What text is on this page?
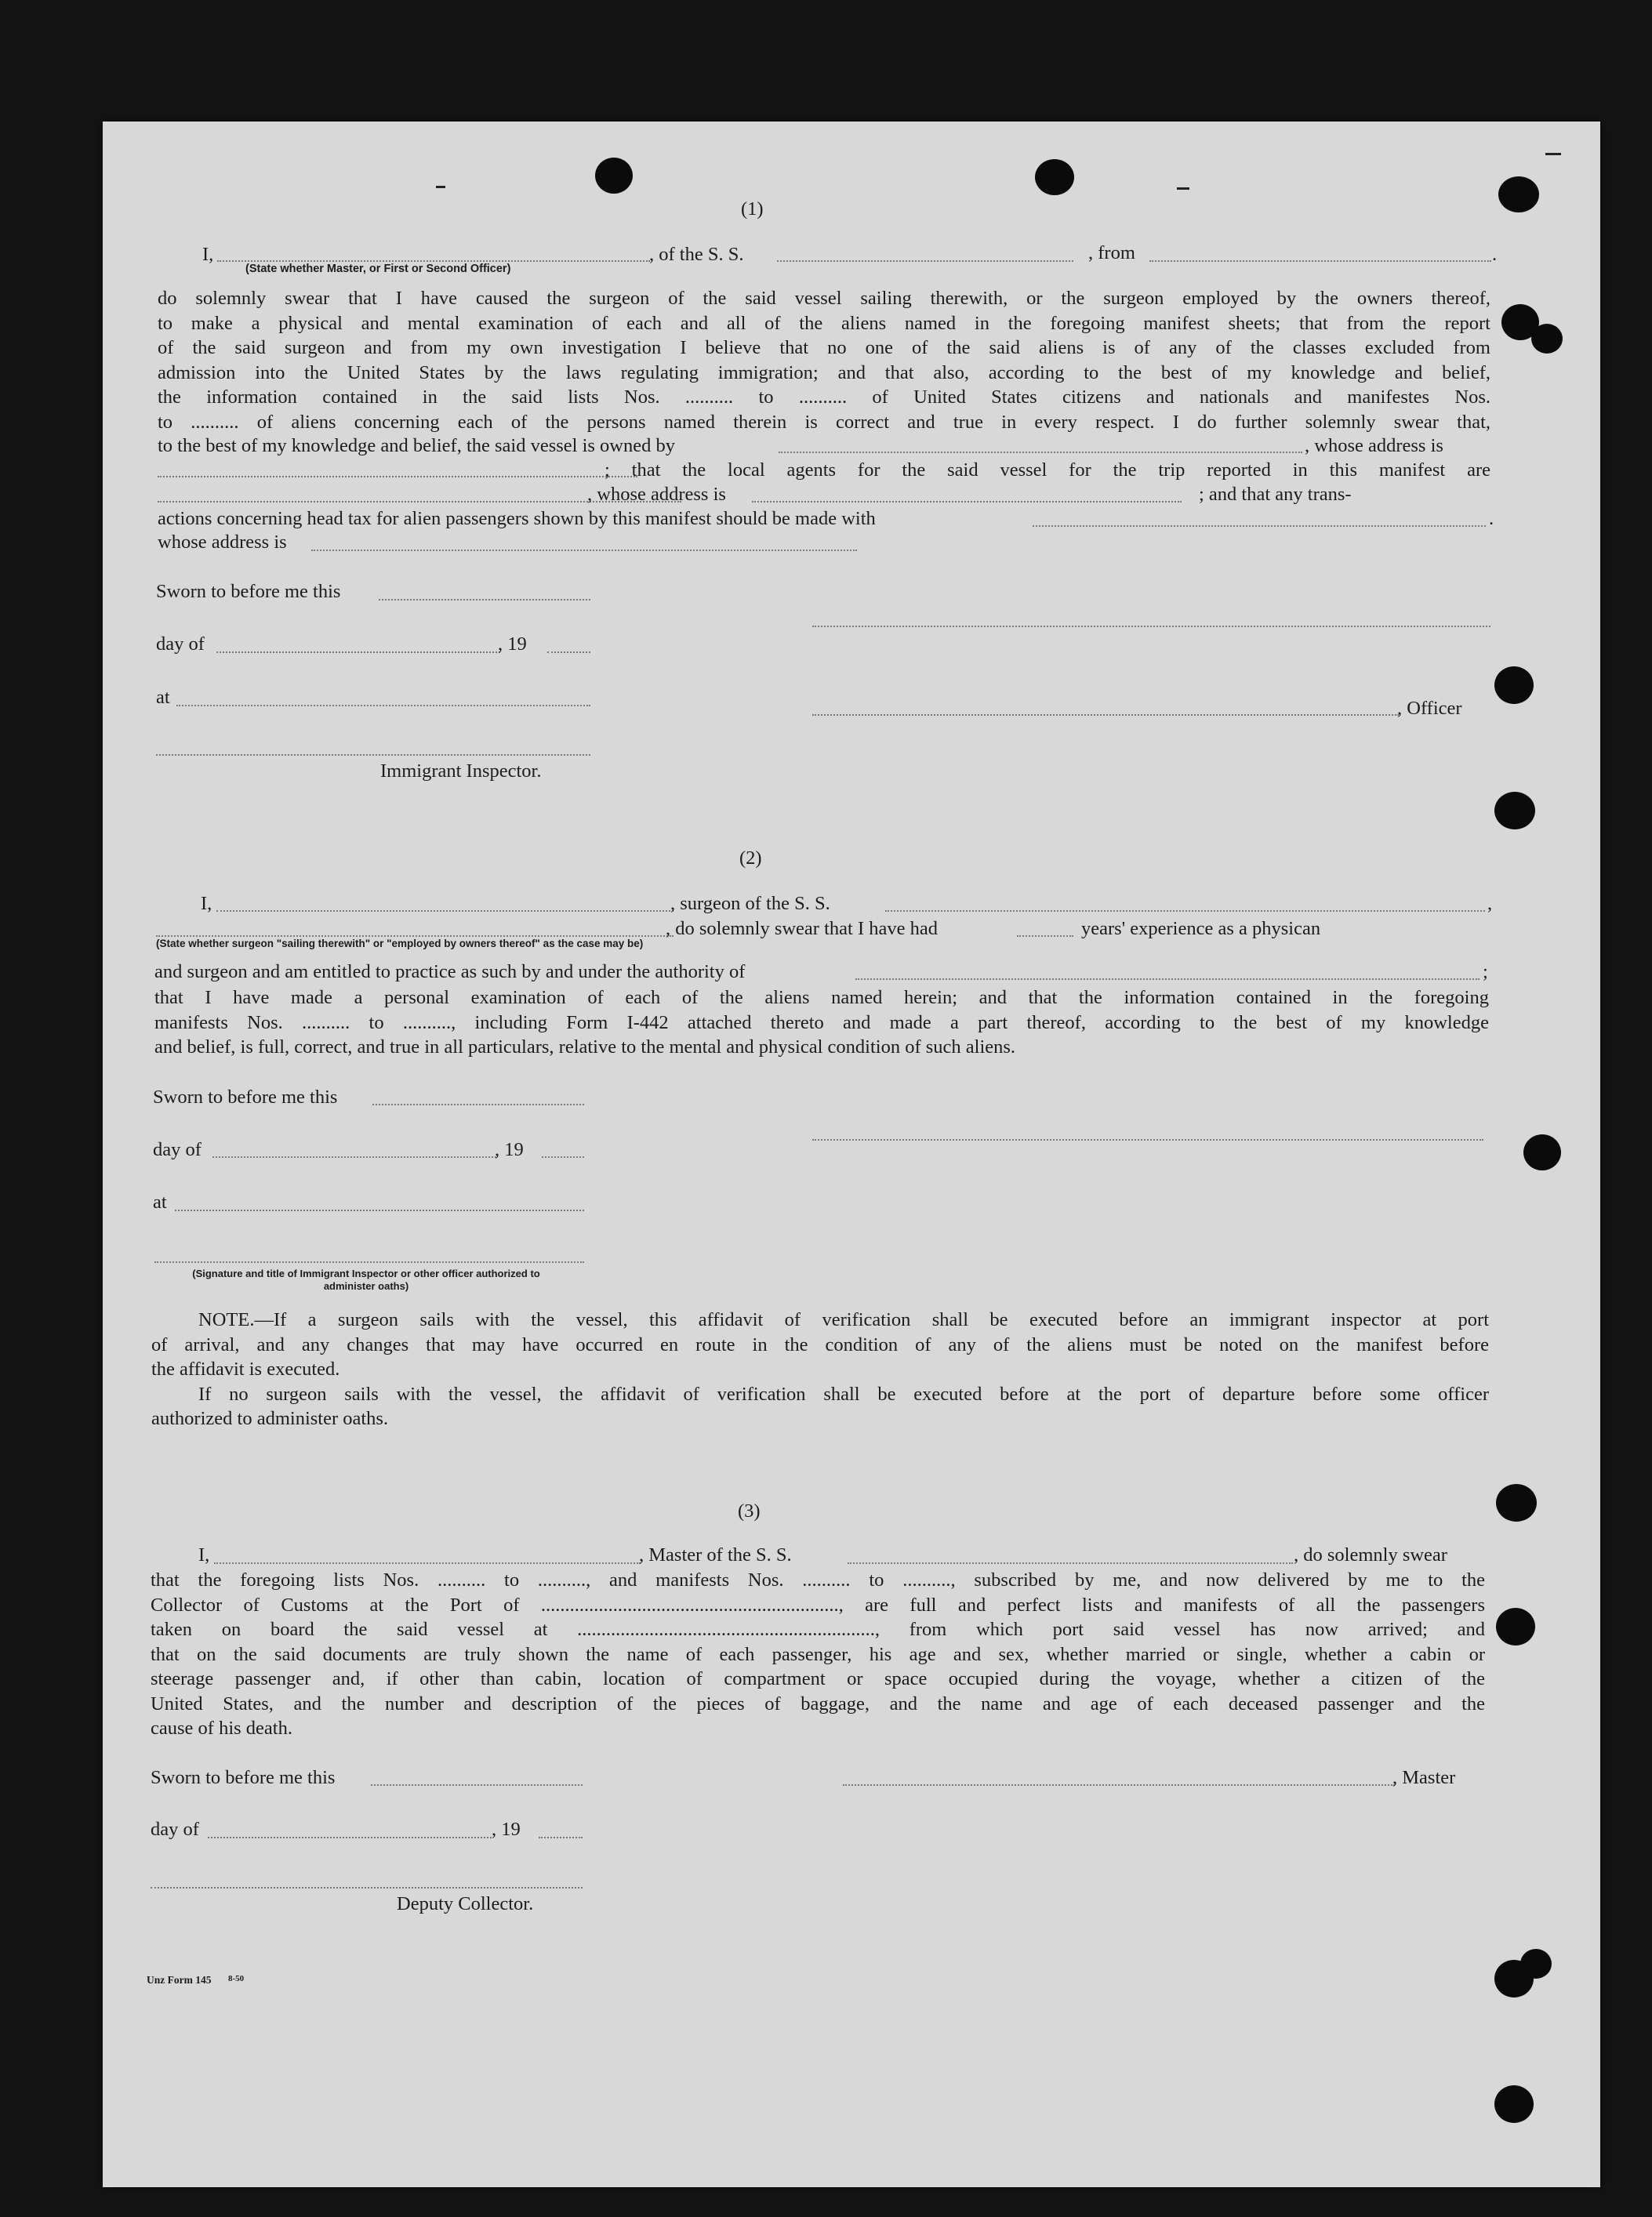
(1)
I,
(State whether Master, or First or Second Officer)
, of the S. S.	, from	.
do solemnly swear that I have caused the surgeon of the said vessel sailing therewith, or the surgeon employed by the owners thereof,
to make a physical and mental examination of each and all of the aliens named in the foregoing manifest sheets; that from the report
of the said surgeon and from my own investigation I believe that no one of the said aliens is of any of the classes excluded from
admission into the United States by the laws regulating immigration; and that also, according to the best of my knowledge and belief,
the information contained in the said lists Nos. .......... to .......... of United States citizens and nationals and manifestes Nos.
to .......... of aliens concerning each of the persons named therein is correct and true in every respect. I do further solemnly swear that,
to the best of my knowledge and belief, the said vessel is owned by	, whose address is
; that the local agents for the said vessel for the trip reported in this manifest are
, whose address is	; and that any trans-
actions concerning head tax for alien passengers shown by this manifest should be made with	.
whose address is
Sworn to before me this
day of	, 19
at
, Officer
Immigrant Inspector.
(2)
I,	, surgeon of the S. S.	,
, do solemnly swear that I have had	years' experience as a physican
(State whether surgeon "sailing therewith" or "employed by owners thereof" as the case may be)
and surgeon and am entitled to practice as such by and under the authority of	;
that I have made a personal examination of each of the aliens named herein; and that the information contained in the foregoing
manifests Nos. .......... to .........., including Form I-442 attached thereto and made a part thereof, according to the best of my knowledge
and belief, is full, correct, and true in all particulars, relative to the mental and physical condition of such aliens.
Sworn to before me this
day of	, 19
at
(Signature and title of Immigrant Inspector or other officer authorized to administer oaths)
NOTE.—If a surgeon sails with the vessel, this affidavit of verification shall be executed before an immigrant inspector at port
of arrival, and any changes that may have occurred en route in the condition of any of the aliens must be noted on the manifest before
the affidavit is executed.
If no surgeon sails with the vessel, the affidavit of verification shall be executed before at the port of departure before some officer
authorized to administer oaths.
(3)
I,	, Master of the S. S.	, do solemnly swear
that the foregoing lists Nos. .......... to .........., and manifests Nos. .......... to .........., subscribed by me, and now delivered by me to the
Collector of Customs at the Port of .............................................................., are full and perfect lists and manifests of all the passengers
taken on board the said vessel at .............................................................., from which port said vessel has now arrived; and
that on the said documents are truly shown the name of each passenger, his age and sex, whether married or single, whether a cabin or
steerage passenger and, if other than cabin, location of compartment or space occupied during the voyage, whether a citizen of the
United States, and the number and description of the pieces of baggage, and the name and age of each deceased passenger and the
cause of his death.
Sworn to before me this	, Master
day of	, 19
Deputy Collector.
Unz Form 145 8-50
